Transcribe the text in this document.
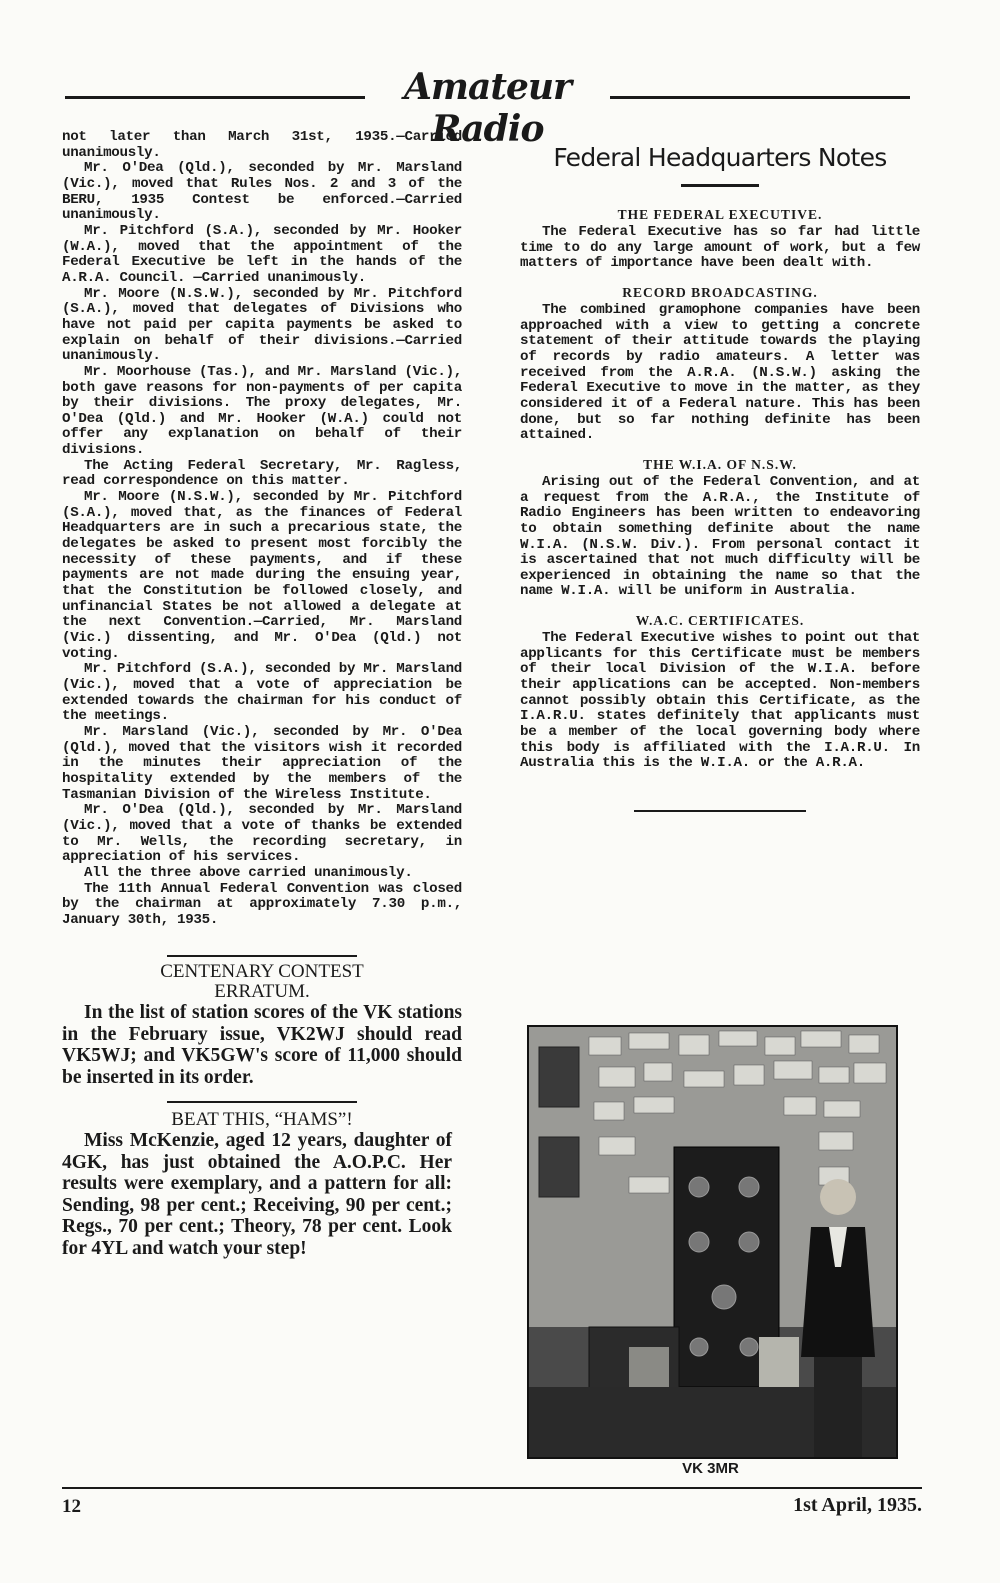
Amateur Radio

not later than March 31st, 1935.—Carried unanimously.

Mr. O'Dea (Qld.), seconded by Mr. Marsland (Vic.), moved that Rules Nos. 2 and 3 of the BERU, 1935 Contest be enforced.—Carried unanimously.

Mr. Pitchford (S.A.), seconded by Mr. Hooker (W.A.), moved that the appointment of the Federal Executive be left in the hands of the A.R.A. Council. —Carried unanimously.

Mr. Moore (N.S.W.), seconded by Mr. Pitchford (S.A.), moved that delegates of Divisions who have not paid per capita payments be asked to explain on behalf of their divisions.—Carried unanimously.

Mr. Moorhouse (Tas.), and Mr. Marsland (Vic.), both gave reasons for non-payments of per capita by their divisions. The proxy delegates, Mr. O'Dea (Qld.) and Mr. Hooker (W.A.) could not offer any explanation on behalf of their divisions.

The Acting Federal Secretary, Mr. Ragless, read correspondence on this matter.

Mr. Moore (N.S.W.), seconded by Mr. Pitchford (S.A.), moved that, as the finances of Federal Headquarters are in such a precarious state, the delegates be asked to present most forcibly the necessity of these payments, and if these payments are not made during the ensuing year, that the Constitution be followed closely, and unfinancial States be not allowed a delegate at the next Convention.—Carried, Mr. Marsland (Vic.) dissenting, and Mr. O'Dea (Qld.) not voting.

Mr. Pitchford (S.A.), seconded by Mr. Marsland (Vic.), moved that a vote of appreciation be extended towards the chairman for his conduct of the meetings.

Mr. Marsland (Vic.), seconded by Mr. O'Dea (Qld.), moved that the visitors wish it recorded in the minutes their appreciation of the hospitality extended by the members of the Tasmanian Division of the Wireless Institute.

Mr. O'Dea (Qld.), seconded by Mr. Marsland (Vic.), moved that a vote of thanks be extended to Mr. Wells, the recording secretary, in appreciation of his services.

All the three above carried unanimously.

The 11th Annual Federal Convention was closed by the chairman at approximately 7.30 p.m., January 30th, 1935.

CENTENARY CONTEST
ERRATUM.

In the list of station scores of the VK stations in the February issue, VK2WJ should read VK5WJ; and VK5GW's score of 11,000 should be inserted in its order.

BEAT THIS, “HAMS”!

Miss McKenzie, aged 12 years, daughter of 4GK, has just obtained the A.O.P.C. Her results were exemplary, and a pattern for all: Sending, 98 per cent.; Receiving, 90 per cent.; Regs., 70 per cent.; Theory, 78 per cent. Look for 4YL and watch your step!

Federal Headquarters Notes
THE FEDERAL EXECUTIVE.

The Federal Executive has so far had little time to do any large amount of work, but a few matters of importance have been dealt with.

RECORD BROADCASTING.

The combined gramophone companies have been approached with a view to getting a concrete statement of their attitude towards the playing of records by radio amateurs. A letter was received from the A.R.A. (N.S.W.) asking the Federal Executive to move in the matter, as they considered it of a Federal nature. This has been done, but so far nothing definite has been attained.

THE W.I.A. OF N.S.W.

Arising out of the Federal Convention, and at a request from the A.R.A., the Institute of Radio Engineers has been written to endeavoring to obtain something definite about the name W.I.A. (N.S.W. Div.). From personal contact it is ascertained that not much difficulty will be experienced in obtaining the name so that the name W.I.A. will be uniform in Australia.

W.A.C. CERTIFICATES.

The Federal Executive wishes to point out that applicants for this Certificate must be members of their local Division of the W.I.A. before their applications can be accepted. Non-members cannot possibly obtain this Certificate, as the I.A.R.U. states definitely that applicants must be a member of the local governing body where this body is affiliated with the I.A.R.U. In Australia this is the W.I.A. or the A.R.A.

VK 3MR
12	1st April, 1935.
